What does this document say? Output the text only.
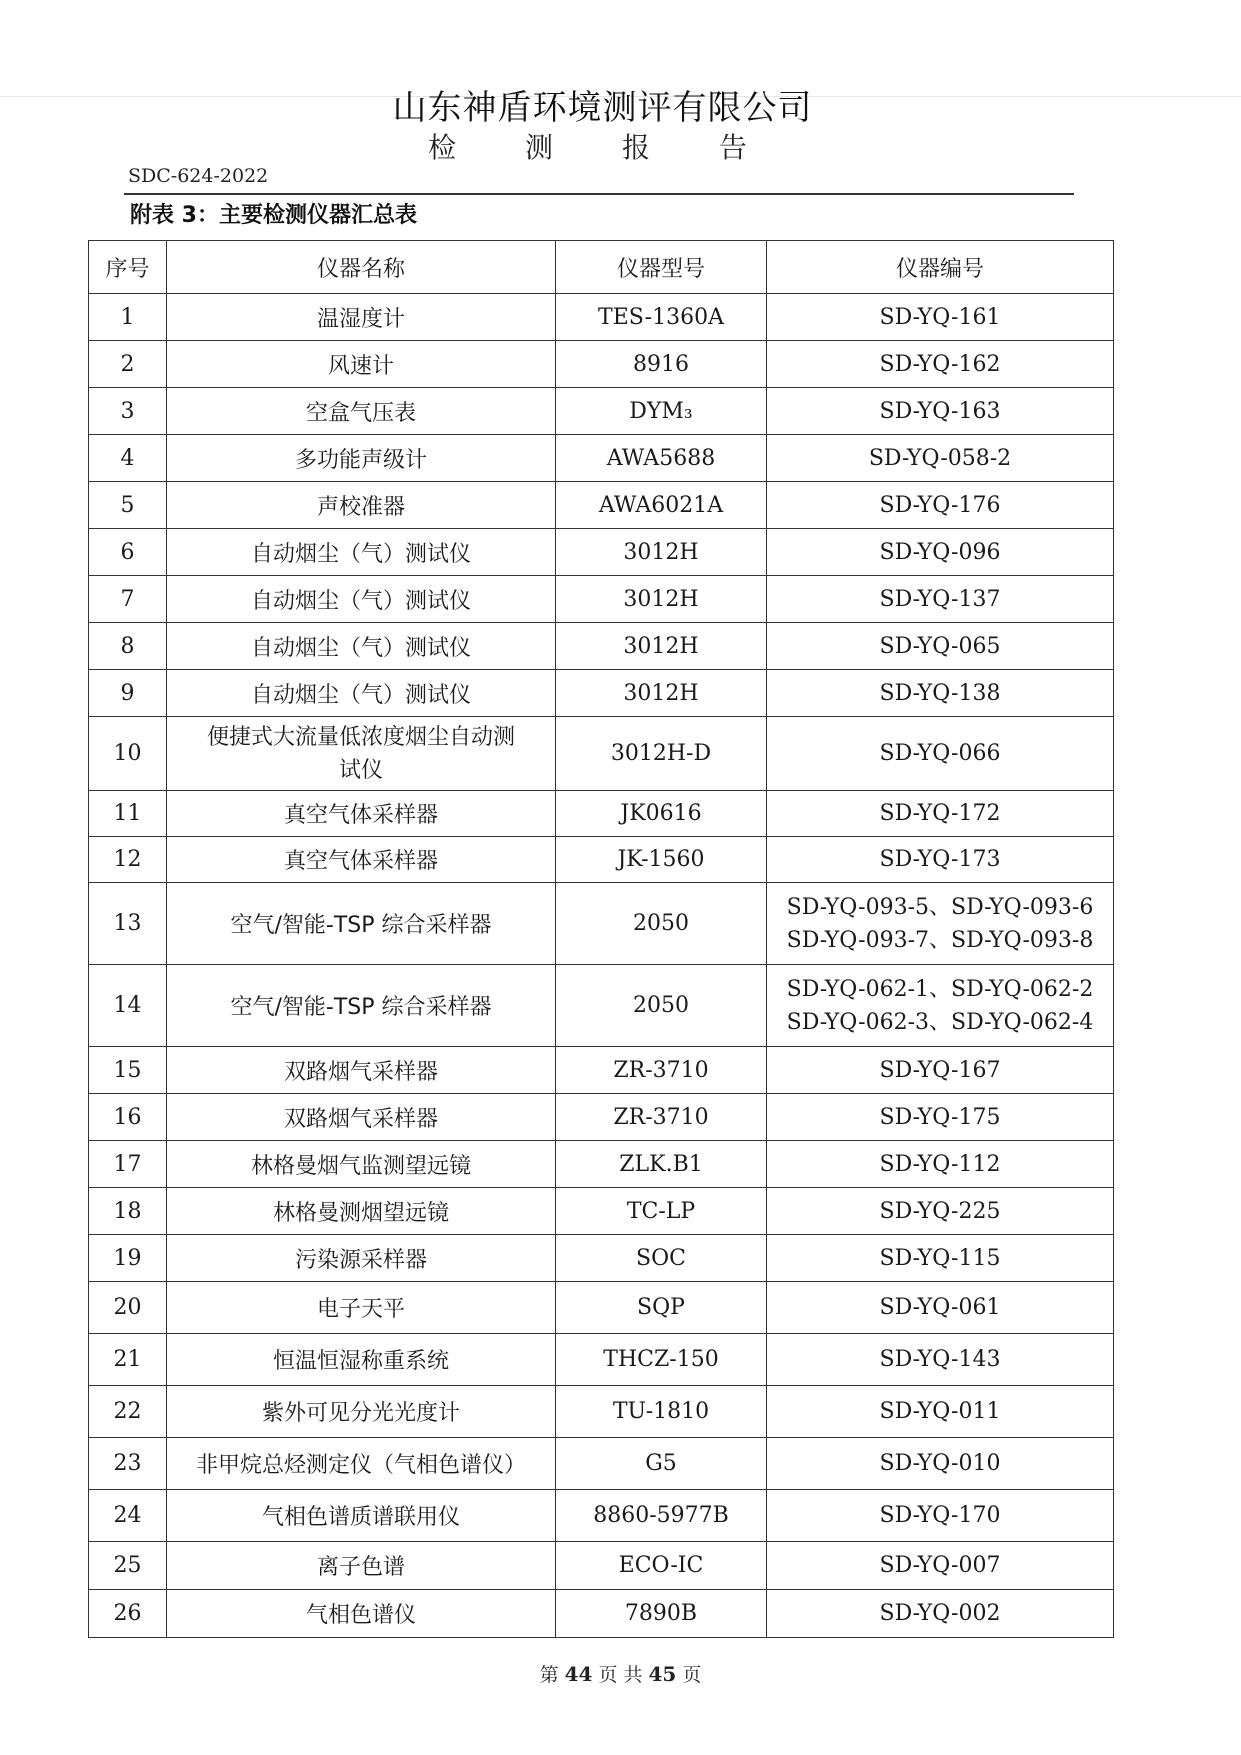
山东神盾环境测评有限公司
检 测 报 告
SDC-624-2022
附表 3：主要检测仪器汇总表
序号	仪器名称	仪器型号	仪器编号
1	温湿度计	TES-1360A	SD-YQ-161
2	风速计	8916	SD-YQ-162
3	空盒气压表	DYM₃	SD-YQ-163
4	多功能声级计	AWA5688	SD-YQ-058-2
5	声校准器	AWA6021A	SD-YQ-176
6	自动烟尘（气）测试仪	3012H	SD-YQ-096
7	自动烟尘（气）测试仪	3012H	SD-YQ-137
8	自动烟尘（气）测试仪	3012H	SD-YQ-065
9	自动烟尘（气）测试仪	3012H	SD-YQ-138
10	便捷式大流量低浓度烟尘自动测
试仪	3012H-D	SD-YQ-066
11	真空气体采样器	JK0616	SD-YQ-172
12	真空气体采样器	JK-1560	SD-YQ-173
13	空气/智能-TSP 综合采样器	2050	SD-YQ-093-5、SD-YQ-093-6
SD-YQ-093-7、SD-YQ-093-8

14	空气/智能-TSP 综合采样器	2050	SD-YQ-062-1、SD-YQ-062-2
SD-YQ-062-3、SD-YQ-062-4

15	双路烟气采样器	ZR-3710	SD-YQ-167
16	双路烟气采样器	ZR-3710	SD-YQ-175
17	林格曼烟气监测望远镜	ZLK.B1	SD-YQ-112
18	林格曼测烟望远镜	TC-LP	SD-YQ-225
19	污染源采样器	SOC	SD-YQ-115
20	电子天平	SQP	SD-YQ-061
21	恒温恒湿称重系统	THCZ-150	SD-YQ-143
22	紫外可见分光光度计	TU-1810	SD-YQ-011
23	非甲烷总烃测定仪（气相色谱仪）	G5	SD-YQ-010
24	气相色谱质谱联用仪	8860-5977B	SD-YQ-170
25	离子色谱	ECO-IC	SD-YQ-007
26	气相色谱仪	7890B	SD-YQ-002
第 44 页 共 45 页
